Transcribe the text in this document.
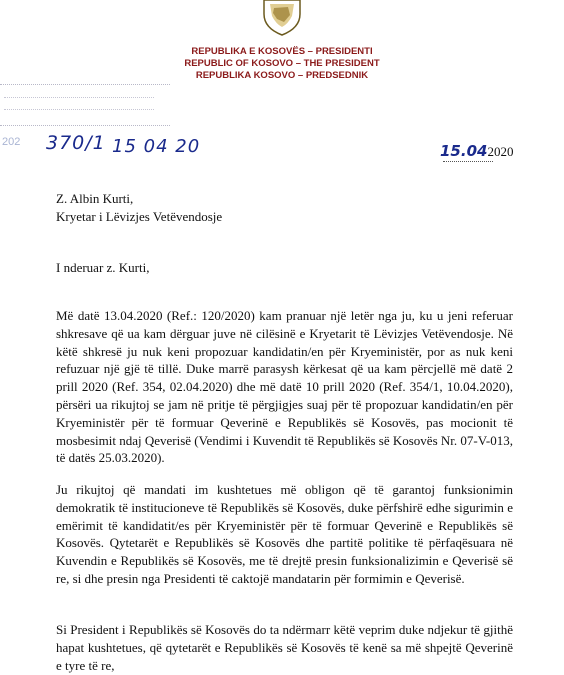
REPUBLIKA E KOSOVËS – PRESIDENTI
REPUBLIC OF KOSOVO – THE PRESIDENT
REPUBLIKA KOSOVO – PREDSEDNIK
202 370/1 15 04 20	15.042020
Z. Albin Kurti,
Kryetar i Lëvizjes Vetëvendosje
I nderuar z. Kurti,
Më datë 13.04.2020 (Ref.: 120/2020) kam pranuar një letër nga ju, ku u jeni referuar shkresave që ua kam dërguar juve në cilësinë e Kryetarit të Lëvizjes Vetëvendosje. Në këtë shkresë ju nuk keni propozuar kandidatin/en për Kryeministër, por as nuk keni refuzuar një gjë të tillë. Duke marrë parasysh kërkesat që ua kam përcjellë më datë 2 prill 2020 (Ref. 354, 02.04.2020) dhe më datë 10 prill 2020 (Ref. 354/1, 10.04.2020), përsëri ua rikujtoj se jam në pritje të përgjigjes suaj për të propozuar kandidatin/en për Kryeministër për të formuar Qeverinë e Republikës së Kosovës, pas mocionit të mosbesimit ndaj Qeverisë (Vendimi i Kuvendit të Republikës së Kosovës Nr. 07-V-013, të datës 25.03.2020).
Ju rikujtoj që mandati im kushtetues më obligon që të garantoj funksionimin demokratik të institucioneve të Republikës së Kosovës, duke përfshirë edhe sigurimin e emërimit të kandidatit/es për Kryeministër për të formuar Qeverinë e Republikës së Kosovës. Qytetarët e Republikës së Kosovës dhe partitë politike të përfaqësuara në Kuvendin e Republikës së Kosovës, me të drejtë presin funksionalizimin e Qeverisë së re, si dhe presin nga Presidenti të caktojë mandatarin për formimin e Qeverisë.
Si President i Republikës së Kosovës do ta ndërmarr këtë veprim duke ndjekur të gjithë hapat kushtetues, që qytetarët e Republikës së Kosovës të kenë sa më shpejtë Qeverinë e tyre të re,
